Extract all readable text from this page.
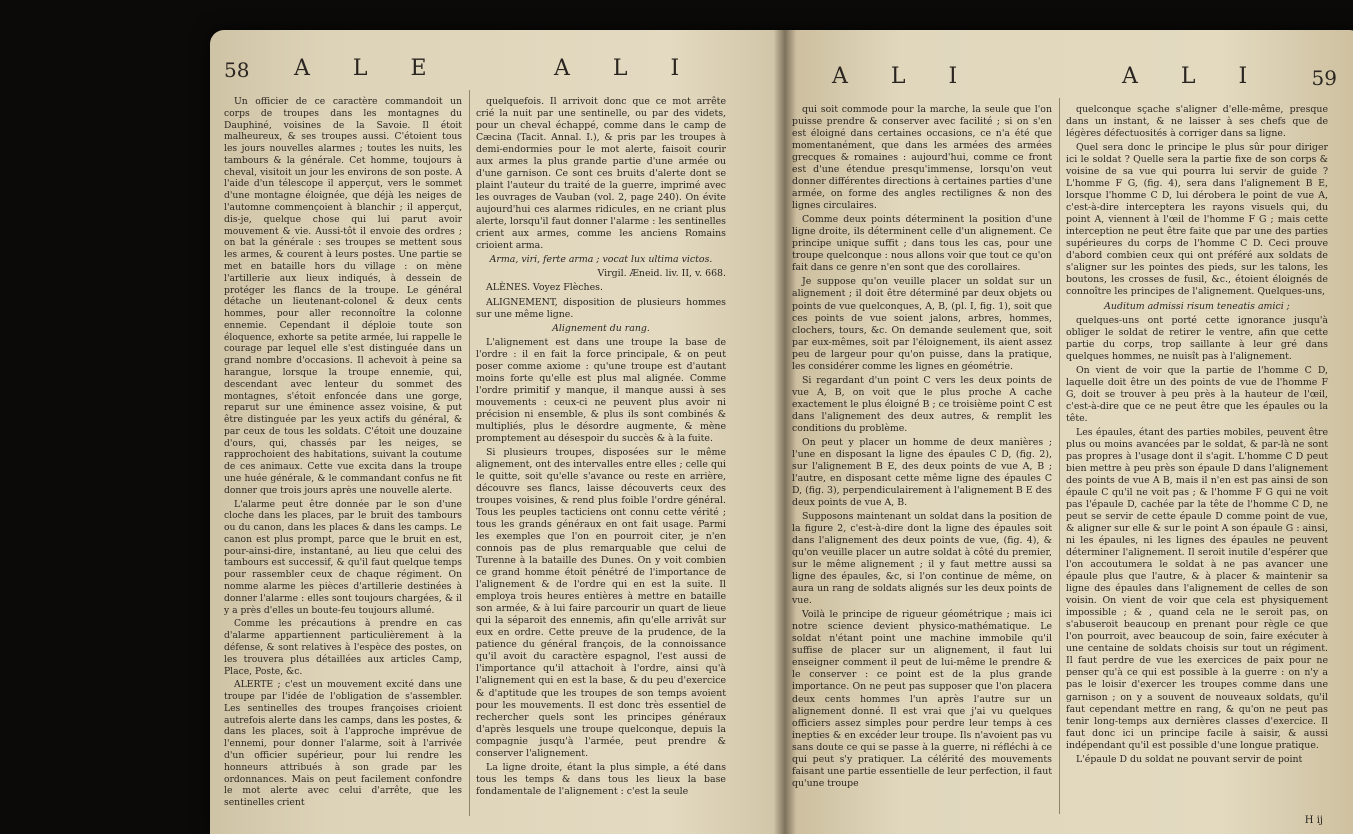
58 A L E	A L I

Un officier de ce caractère commandoit un corps de troupes dans les montagnes du Dauphiné, voisines de la Savoie. Il étoit malheureux, & ses troupes aussi. C'étoient tous les jours nouvelles alarmes ; toutes les nuits, les tambours & la générale. Cet homme, toujours à cheval, visitoit un jour les environs de son poste. A l'aide d'un télescope il apperçut, vers le sommet d'une montagne éloignée, que déjà les neiges de l'automne commençoient à blanchir ; il apperçut, dis-je, quelque chose qui lui parut avoir mouvement & vie. Aussi-tôt il envoie des ordres ; on bat la générale : ses troupes se mettent sous les armes, & courent à leurs postes. Une partie se met en bataille hors du village : on mène l'artillerie aux lieux indiqués, à dessein de protéger les flancs de la troupe. Le général détache un lieutenant-colonel & deux cents hommes, pour aller reconnoître la colonne ennemie. Cependant il déploie toute son éloquence, exhorte sa petite armée, lui rappelle le courage par lequel elle s'est distinguée dans un grand nombre d'occasions. Il achevoit à peine sa harangue, lorsque la troupe ennemie, qui, descendant avec lenteur du sommet des montagnes, s'étoit enfoncée dans une gorge, reparut sur une éminence assez voisine, & put être distinguée par les yeux actifs du général, & par ceux de tous les soldats. C'étoit une douzaine d'ours, qui, chassés par les neiges, se rapprochoient des habitations, suivant la coutume de ces animaux. Cette vue excita dans la troupe une huée générale, & le commandant confus ne fit donner que trois jours après une nouvelle alerte.

L'alarme peut être donnée par le son d'une cloche dans les places, par le bruit des tambours ou du canon, dans les places & dans les camps. Le canon est plus prompt, parce que le bruit en est, pour-ainsi-dire, instantané, au lieu que celui des tambours est successif, & qu'il faut quelque temps pour rassembler ceux de chaque régiment. On nomme alarme les pièces d'artillerie destinées à donner l'alarme : elles sont toujours chargées, & il y a près d'elles un boute-feu toujours allumé.

Comme les précautions à prendre en cas d'alarme appartiennent particulièrement à la défense, & sont relatives à l'espèce des postes, on les trouvera plus détaillées aux articles Camp, Place, Poste, &c.

ALERTE ; c'est un mouvement excité dans une troupe par l'idée de l'obligation de s'assembler. Les sentinelles des troupes françoises crioient autrefois alerte dans les camps, dans les postes, & dans les places, soit à l'approche imprévue de l'ennemi, pour donner l'alarme, soit à l'arrivée d'un officier supérieur, pour lui rendre les honneurs attribués à son grade par les ordonnances. Mais on peut facilement confondre le mot alerte avec celui d'arrête, que les sentinelles crient

quelquefois. Il arrivoit donc que ce mot arrête crié la nuit par une sentinelle, ou par des videts, pour un cheval échappé, comme dans le camp de Cæcina (Tacit. Annal. I.), & pris par les troupes à demi-endormies pour le mot alerte, faisoit courir aux armes la plus grande partie d'une armée ou d'une garnison. Ce sont ces bruits d'alerte dont se plaint l'auteur du traité de la guerre, imprimé avec les ouvrages de Vauban (vol. 2, page 240). On évite aujourd'hui ces alarmes ridicules, en ne criant plus alerte, lorsqu'il faut donner l'alarme : les sentinelles crient aux armes, comme les anciens Romains crioient arma.

Arma, viri, ferte arma ; vocat lux ultima victos.

Virgil. Æneid. liv. II, v. 668.

ALÈNES. Voyez Flèches.

ALIGNEMENT, disposition de plusieurs hommes sur une même ligne.

Alignement du rang.

L'alignement est dans une troupe la base de l'ordre : il en fait la force principale, & on peut poser comme axiome : qu'une troupe est d'autant moins forte qu'elle est plus mal alignée. Comme l'ordre primitif y manque, il manque aussi à ses mouvements : ceux-ci ne peuvent plus avoir ni précision ni ensemble, & plus ils sont combinés & multipliés, plus le désordre augmente, & mène promptement au désespoir du succès & à la fuite.

Si plusieurs troupes, disposées sur le même alignement, ont des intervalles entre elles ; celle qui le quitte, soit qu'elle s'avance ou reste en arrière, découvre ses flancs, laisse découverts ceux des troupes voisines, & rend plus foible l'ordre général. Tous les peuples tacticiens ont connu cette vérité ; tous les grands généraux en ont fait usage. Parmi les exemples que l'on en pourroit citer, je n'en connois pas de plus remarquable que celui de Turenne à la bataille des Dunes. On y voit combien ce grand homme étoit pénétré de l'importance de l'alignement & de l'ordre qui en est la suite. Il employa trois heures entières à mettre en bataille son armée, & à lui faire parcourir un quart de lieue qui la séparoit des ennemis, afin qu'elle arrivât sur eux en ordre. Cette preuve de la prudence, de la patience du général françois, de la connoissance qu'il avoit du caractère espagnol, l'est aussi de l'importance qu'il attachoit à l'ordre, ainsi qu'à l'alignement qui en est la base, & du peu d'exercice & d'aptitude que les troupes de son temps avoient pour les mouvements. Il est donc très essentiel de rechercher quels sont les principes généraux d'après lesquels une troupe quelconque, depuis la compagnie jusqu'à l'armée, peut prendre & conserver l'alignement.

La ligne droite, étant la plus simple, a été dans tous les temps & dans tous les lieux la base fondamentale de l'alignement : c'est la seule

A L I	A L I 59

qui soit commode pour la marche, la seule que l'on puisse prendre & conserver avec facilité ; si on s'en est éloigné dans certaines occasions, ce n'a été que momentanément, que dans les armées des armées grecques & romaines : aujourd'hui, comme ce front est d'une étendue presqu'immense, lorsqu'on veut donner différentes directions à certaines parties d'une armée, on forme des angles rectilignes & non des lignes circulaires.

Comme deux points déterminent la position d'une ligne droite, ils déterminent celle d'un alignement. Ce principe unique suffit ; dans tous les cas, pour une troupe quelconque : nous allons voir que tout ce qu'on fait dans ce genre n'en sont que des corollaires.

Je suppose qu'on veuille placer un soldat sur un alignement ; il doit être déterminé par deux objets ou points de vue quelconques, A, B, (pl. I, fig. 1), soit que ces points de vue soient jalons, arbres, hommes, clochers, tours, &c. On demande seulement que, soit par eux-mêmes, soit par l'éloignement, ils aient assez peu de largeur pour qu'on puisse, dans la pratique, les considérer comme les lignes en géométrie.

Si regardant d'un point C vers les deux points de vue A, B, on voit que le plus proche A cache exactement le plus éloigné B ; ce troisième point C est dans l'alignement des deux autres, & remplit les conditions du problème.

On peut y placer un homme de deux manières ; l'une en disposant la ligne des épaules C D, (fig. 2), sur l'alignement B E, des deux points de vue A, B ; l'autre, en disposant cette même ligne des épaules C D, (fig. 3), perpendiculairement à l'alignement B E des deux points de vue A, B.

Supposons maintenant un soldat dans la position de la figure 2, c'est-à-dire dont la ligne des épaules soit dans l'alignement des deux points de vue, (fig. 4), & qu'on veuille placer un autre soldat à côté du premier, sur le même alignement ; il y faut mettre aussi sa ligne des épaules, &c, si l'on continue de même, on aura un rang de soldats alignés sur les deux points de vue.

Voilà le principe de rigueur géométrique ; mais ici notre science devient physico-mathématique. Le soldat n'étant point une machine immobile qu'il suffise de placer sur un alignement, il faut lui enseigner comment il peut de lui-même le prendre & le conserver : ce point est de la plus grande importance. On ne peut pas supposer que l'on placera deux cents hommes l'un après l'autre sur un alignement donné. Il est vrai que j'ai vu quelques officiers assez simples pour perdre leur temps à ces inepties & en excéder leur troupe. Ils n'avoient pas vu sans doute ce qui se passe à la guerre, ni réfléchi à ce qui peut s'y pratiquer. La célérité des mouvements faisant une partie essentielle de leur perfection, il faut qu'une troupe

quelconque sçache s'aligner d'elle-même, presque dans un instant, & ne laisser à ses chefs que de légères défectuosités à corriger dans sa ligne.

Quel sera donc le principe le plus sûr pour diriger ici le soldat ? Quelle sera la partie fixe de son corps & voisine de sa vue qui pourra lui servir de guide ? L'homme F G, (fig. 4), sera dans l'alignement B E, lorsque l'homme C D, lui dérobera le point de vue A, c'est-à-dire interceptera les rayons visuels qui, du point A, viennent à l'œil de l'homme F G ; mais cette interception ne peut être faite que par une des parties supérieures du corps de l'homme C D. Ceci prouve d'abord combien ceux qui ont préféré aux soldats de s'aligner sur les pointes des pieds, sur les talons, les boutons, les crosses de fusil, &c., étoient éloignés de connoître les principes de l'alignement. Quelques-uns,

Auditum admissi risum teneatis amici ;

quelques-uns ont porté cette ignorance jusqu'à obliger le soldat de retirer le ventre, afin que cette partie du corps, trop saillante à leur gré dans quelques hommes, ne nuisît pas à l'alignement.

On vient de voir que la partie de l'homme C D, laquelle doit être un des points de vue de l'homme F G, doit se trouver à peu près à la hauteur de l'œil, c'est-à-dire que ce ne peut être que les épaules ou la tête.

Les épaules, étant des parties mobiles, peuvent être plus ou moins avancées par le soldat, & par-là ne sont pas propres à l'usage dont il s'agit. L'homme C D peut bien mettre à peu près son épaule D dans l'alignement des points de vue A B, mais il n'en est pas ainsi de son épaule C qu'il ne voit pas ; & l'homme F G qui ne voit pas l'épaule D, cachée par la tête de l'homme C D, ne peut se servir de cette épaule D comme point de vue, & aligner sur elle & sur le point A son épaule G : ainsi, ni les épaules, ni les lignes des épaules ne peuvent déterminer l'alignement. Il seroit inutile d'espérer que l'on accoutumera le soldat à ne pas avancer une épaule plus que l'autre, & à placer & maintenir sa ligne des épaules dans l'alignement de celles de son voisin. On vient de voir que cela est physiquement impossible ; & , quand cela ne le seroit pas, on s'abuseroit beaucoup en prenant pour règle ce que l'on pourroit, avec beaucoup de soin, faire exécuter à une centaine de soldats choisis sur tout un régiment. Il faut perdre de vue les exercices de paix pour ne penser qu'à ce qui est possible à la guerre : on n'y a pas le loisir d'exercer les troupes comme dans une garnison ; on y a souvent de nouveaux soldats, qu'il faut cependant mettre en rang, & qu'on ne peut pas tenir long-temps aux dernières classes d'exercice. Il faut donc ici un principe facile à saisir, & aussi indépendant qu'il est possible d'une longue pratique.

L'épaule D du soldat ne pouvant servir de point

H ij
